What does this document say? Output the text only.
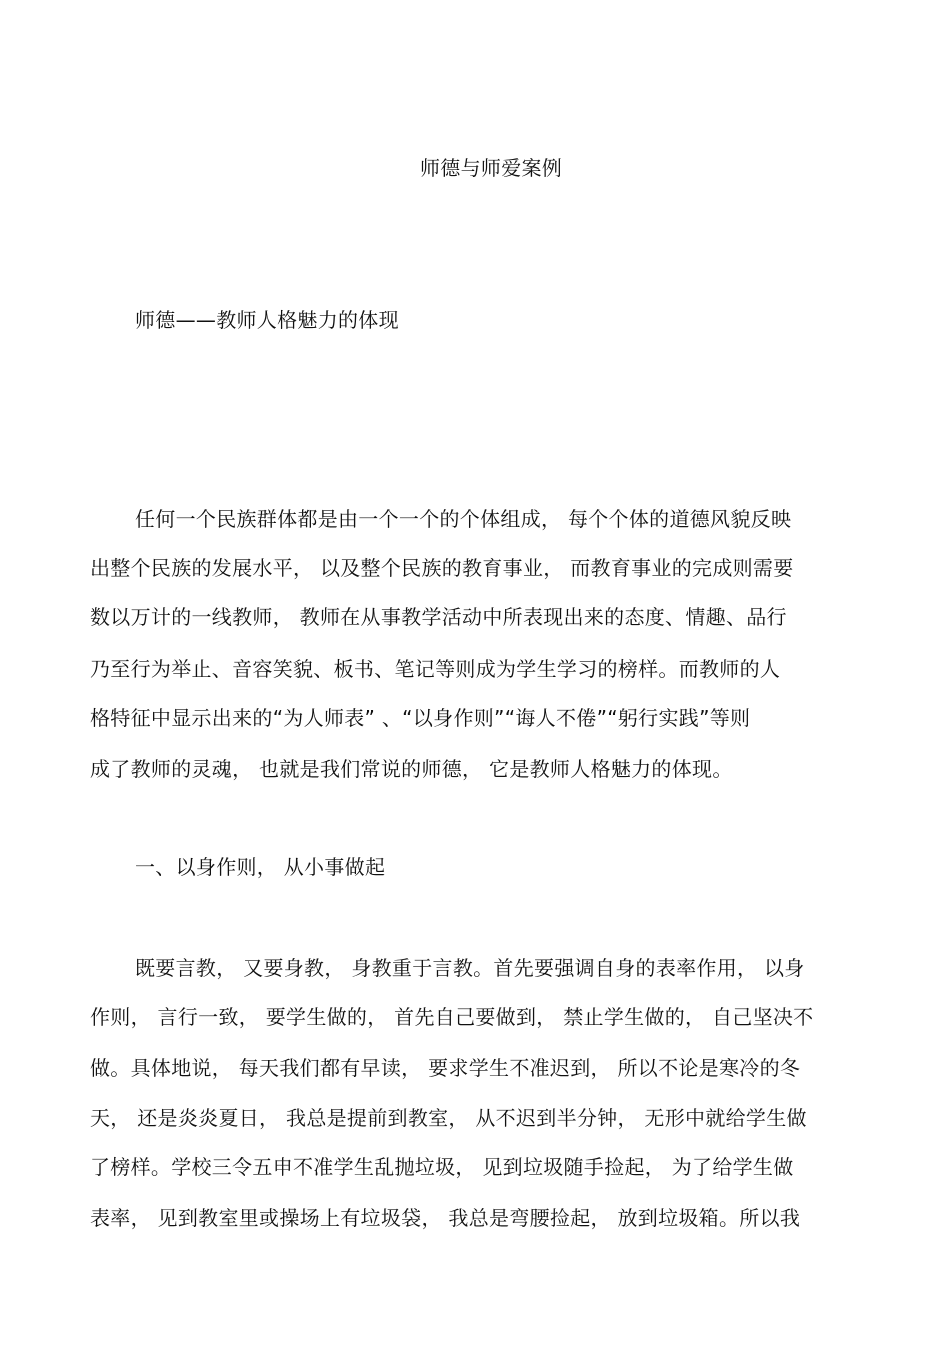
师德与师爱案例
师德——教师人格魅力的体现
任何一个民族群体都是由一个一个的个体组成， 每个个体的道德风貌反映
出整个民族的发展水平， 以及整个民族的教育事业， 而教育事业的完成则需要
数以万计的一线教师， 教师在从事教学活动中所表现出来的态度、情趣、品行
乃至行为举止、音容笑貌、板书、笔记等则成为学生学习的榜样。而教师的人
格特征中显示出来的“为人师表” 、“以身作则”“诲人不倦”“躬行实践”等则
成了教师的灵魂， 也就是我们常说的师德， 它是教师人格魅力的体现。
一、以身作则， 从小事做起
既要言教， 又要身教， 身教重于言教。首先要强调自身的表率作用， 以身
作则， 言行一致， 要学生做的， 首先自己要做到， 禁止学生做的， 自己坚决不
做。具体地说， 每天我们都有早读， 要求学生不准迟到， 所以不论是寒冷的冬
天， 还是炎炎夏日， 我总是提前到教室， 从不迟到半分钟， 无形中就给学生做
了榜样。学校三令五申不准学生乱抛垃圾， 见到垃圾随手捡起， 为了给学生做
表率， 见到教室里或操场上有垃圾袋， 我总是弯腰捡起， 放到垃圾箱。所以我
